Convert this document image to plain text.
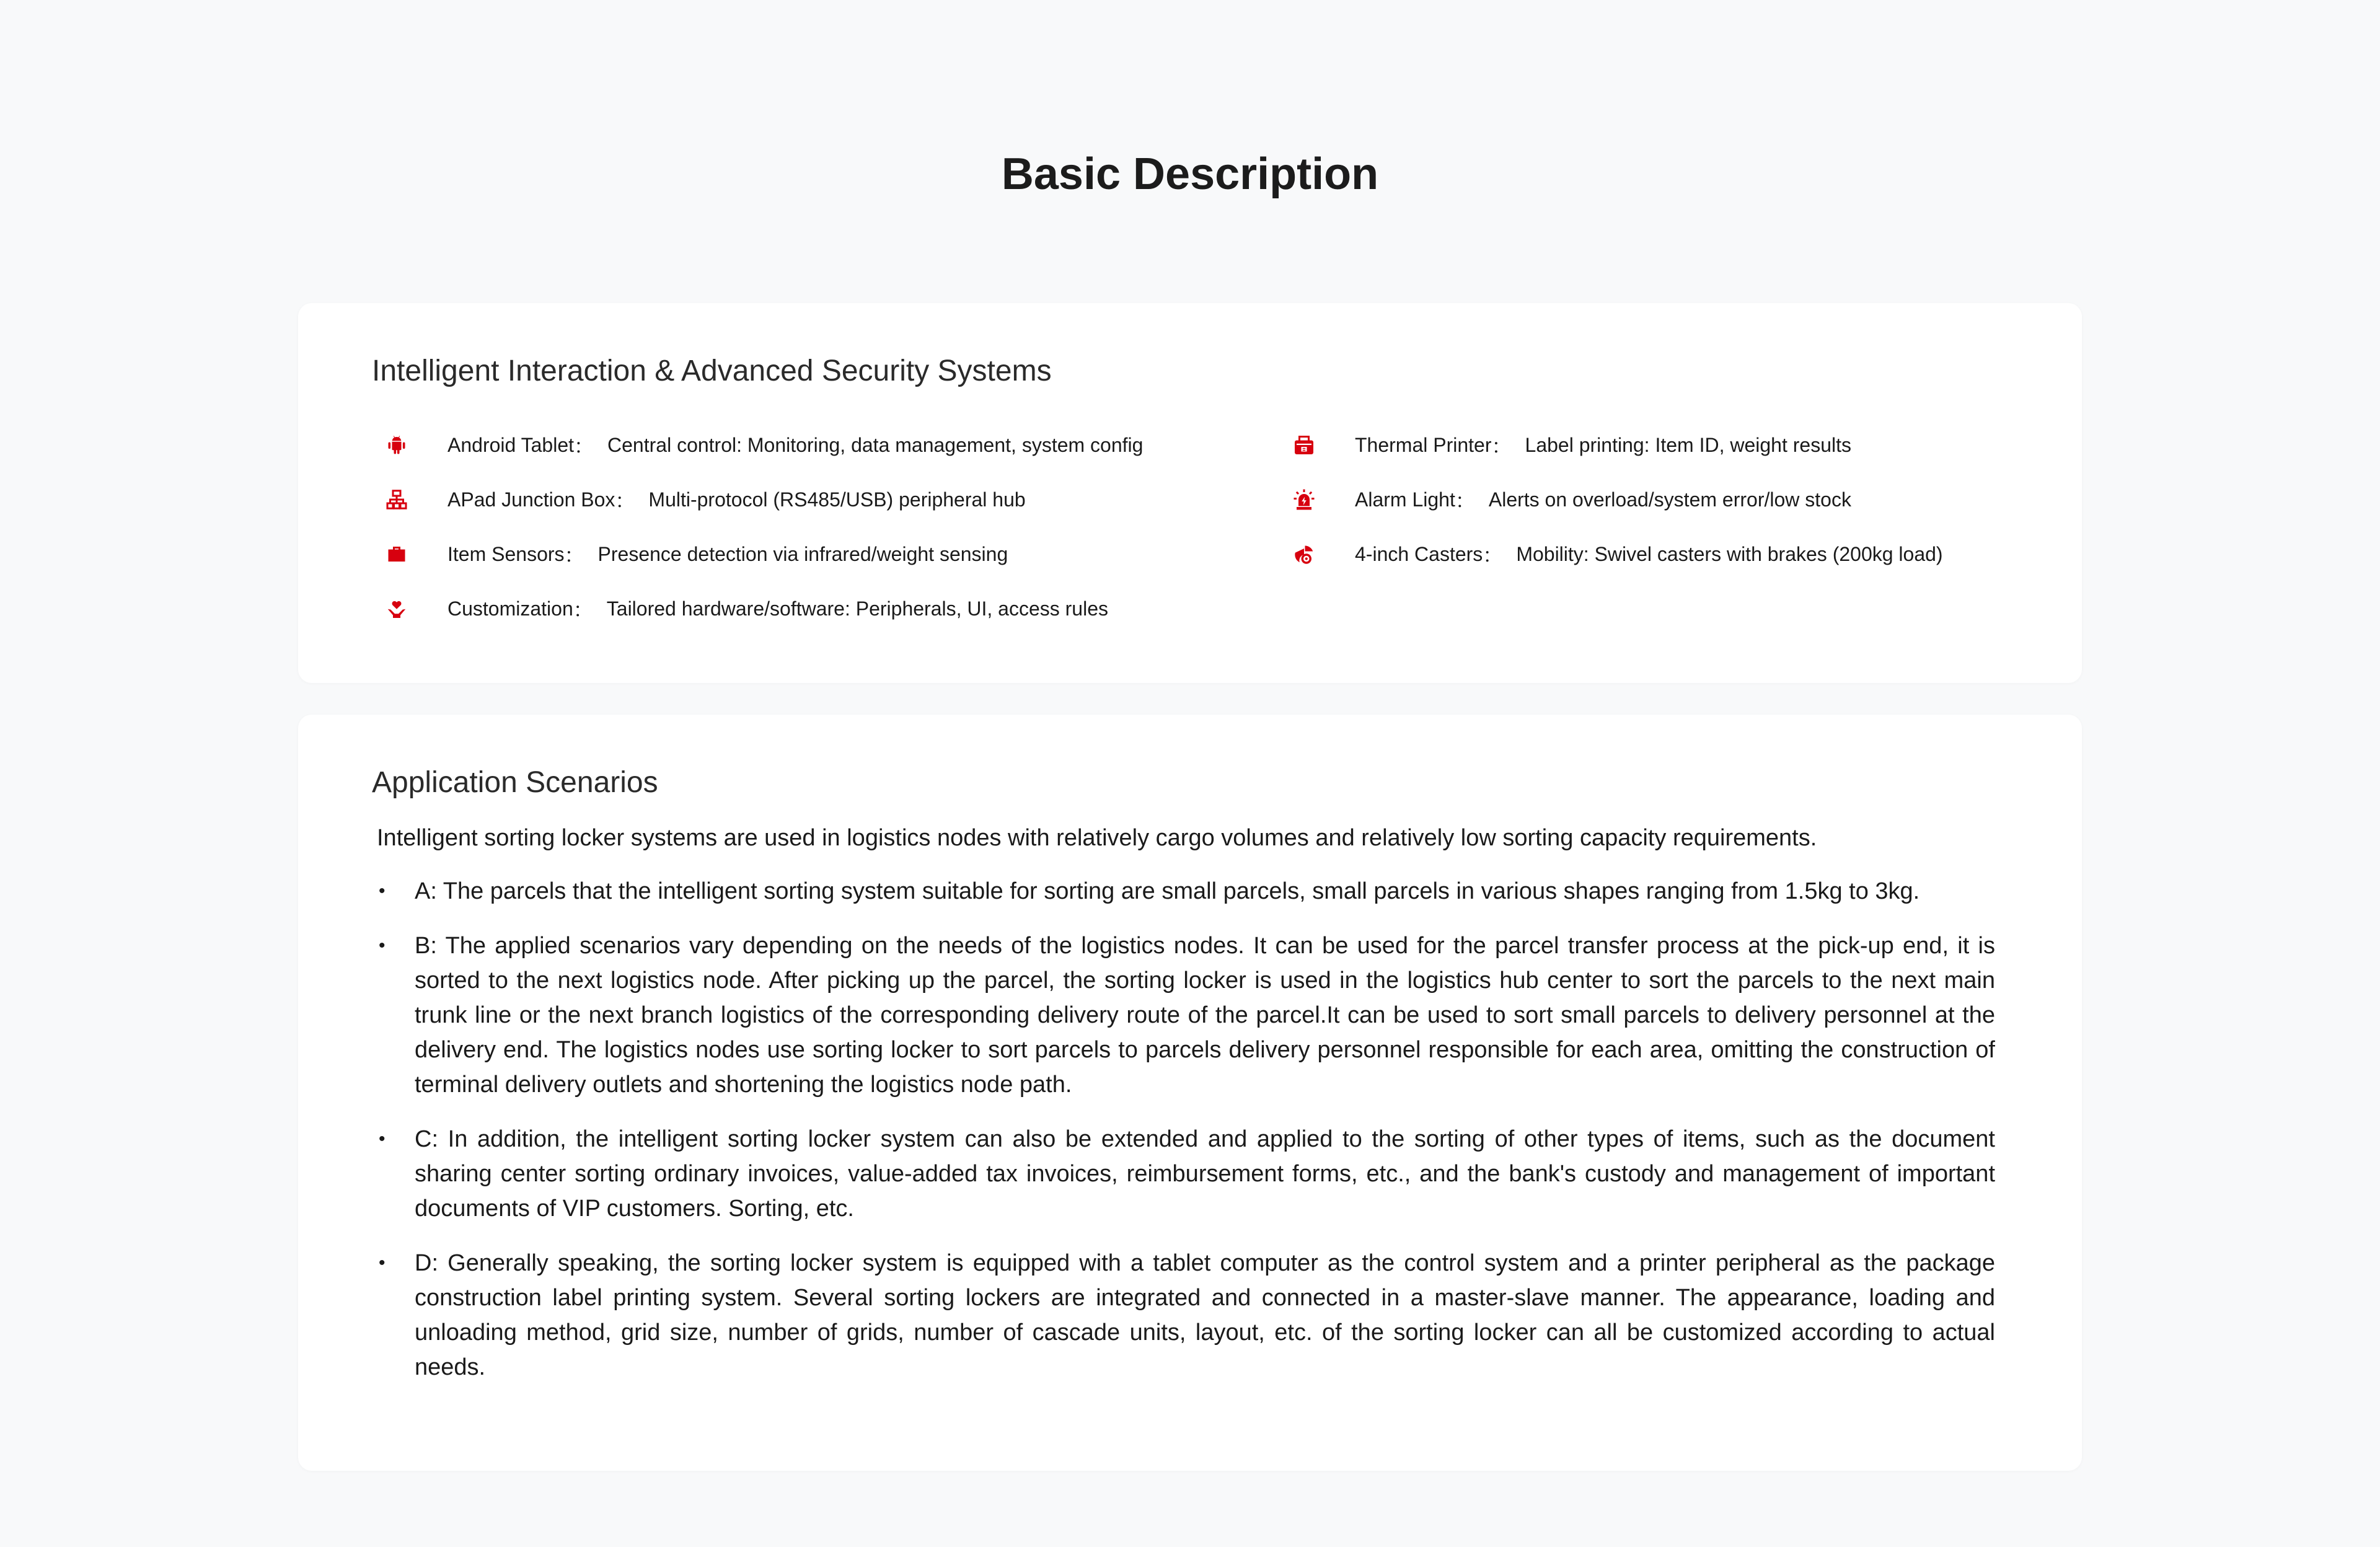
Basic Description
Intelligent Interaction & Advanced Security Systems
Android Tablet ： Central control: Monitoring, data management, system config
APad Junction Box ： Multi-protocol (RS485/USB) peripheral hub
Item Sensors ： Presence detection via infrared/weight sensing
Customization ： Tailored hardware/software: Peripherals, UI, access rules
Thermal Printer ： Label printing: Item ID, weight results
Alarm Light ： Alerts on overload/system error/low stock
4-inch Casters ： Mobility: Swivel casters with brakes (200kg load)
Application Scenarios

Intelligent sorting locker systems are used in logistics nodes with relatively cargo volumes and relatively low sorting capacity requirements.

•	A: The parcels that the intelligent sorting system suitable for sorting are small parcels, small parcels in various shapes ranging from 1.5kg to 3kg.
•	B: The applied scenarios vary depending on the needs of the logistics nodes. It can be used for the parcel transfer process at the pick-up end, it is sorted to the next logistics node. After picking up the parcel, the sorting locker is used in the logistics hub center to sort the parcels to the next main trunk line or the next branch logistics of the corresponding delivery route of the parcel.It can be used to sort small parcels to delivery personnel at the delivery end. The logistics nodes use sorting locker to sort parcels to parcels delivery personnel responsible for each area, omitting the construction of terminal delivery outlets and shortening the logistics node path.
•	C: In addition, the intelligent sorting locker system can also be extended and applied to the sorting of other types of items, such as the document sharing center sorting ordinary invoices, value-added tax invoices, reimbursement forms, etc., and the bank's custody and management of important documents of VIP customers. Sorting, etc.
•	D: Generally speaking, the sorting locker system is equipped with a tablet computer as the control system and a printer peripheral as the package construction label printing system. Several sorting lockers are integrated and connected in a master-slave manner. The appearance, loading and unloading method, grid size, number of grids, number of cascade units, layout, etc. of the sorting locker can all be customized according to actual needs.
